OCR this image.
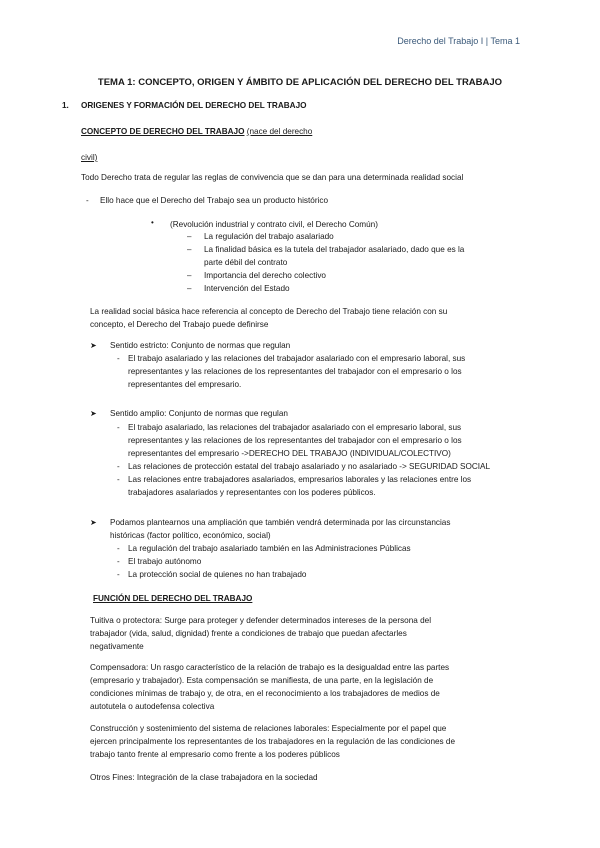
Derecho del Trabajo I | Tema 1
TEMA 1: CONCEPTO, ORIGEN Y ÁMBITO DE APLICACIÓN DEL DERECHO DEL TRABAJO
1. ORIGENES Y FORMACIÓN DEL DERECHO DEL TRABAJO
CONCEPTO DE DERECHO DEL TRABAJO (nace del derecho
civil)
Todo Derecho trata de regular las reglas de convivencia que se dan para una determinada realidad social
- Ello hace que el Derecho del Trabajo sea un producto histórico
• (Revolución industrial y contrato civil, el Derecho Común)
– La regulación del trabajo asalariado
– La finalidad básica es la tutela del trabajador asalariado, dado que es la
parte débil del contrato
– Importancia del derecho colectivo
– Intervención del Estado
La realidad social básica hace referencia al concepto de Derecho del Trabajo tiene relación con su
concepto, el Derecho del Trabajo puede definirse
➤ Sentido estricto: Conjunto de normas que regulan
- El trabajo asalariado y las relaciones del trabajador asalariado con el empresario laboral, sus
representantes y las relaciones de los representantes del trabajador con el empresario o los
representantes del empresario.
➤ Sentido amplio: Conjunto de normas que regulan
- El trabajo asalariado, las relaciones del trabajador asalariado con el empresario laboral, sus
representantes y las relaciones de los representantes del trabajador con el empresario o los
representantes del empresario ->DERECHO DEL TRABAJO (INDIVIDUAL/COLECTIVO)
- Las relaciones de protección estatal del trabajo asalariado y no asalariado -> SEGURIDAD SOCIAL
- Las relaciones entre trabajadores asalariados, empresarios laborales y las relaciones entre los
trabajadores asalariados y representantes con los poderes públicos.
➤ Podamos plantearnos una ampliación que también vendrá determinada por las circunstancias
históricas (factor político, económico, social)
- La regulación del trabajo asalariado también en las Administraciones Públicas
- El trabajo autónomo
- La protección social de quienes no han trabajado
FUNCIÓN DEL DERECHO DEL TRABAJO
Tuitiva o protectora: Surge para proteger y defender determinados intereses de la persona del
trabajador (vida, salud, dignidad) frente a condiciones de trabajo que puedan afectarles
negativamente
Compensadora: Un rasgo característico de la relación de trabajo es la desigualdad entre las partes
(empresario y trabajador). Esta compensación se manifiesta, de una parte, en la legislación de
condiciones mínimas de trabajo y, de otra, en el reconocimiento a los trabajadores de medios de
autotutela o autodefensa colectiva
Construcción y sostenimiento del sistema de relaciones laborales: Especialmente por el papel que
ejercen principalmente los representantes de los trabajadores en la regulación de las condiciones de
trabajo tanto frente al empresario como frente a los poderes públicos
Otros Fines: Integración de la clase trabajadora en la sociedad
